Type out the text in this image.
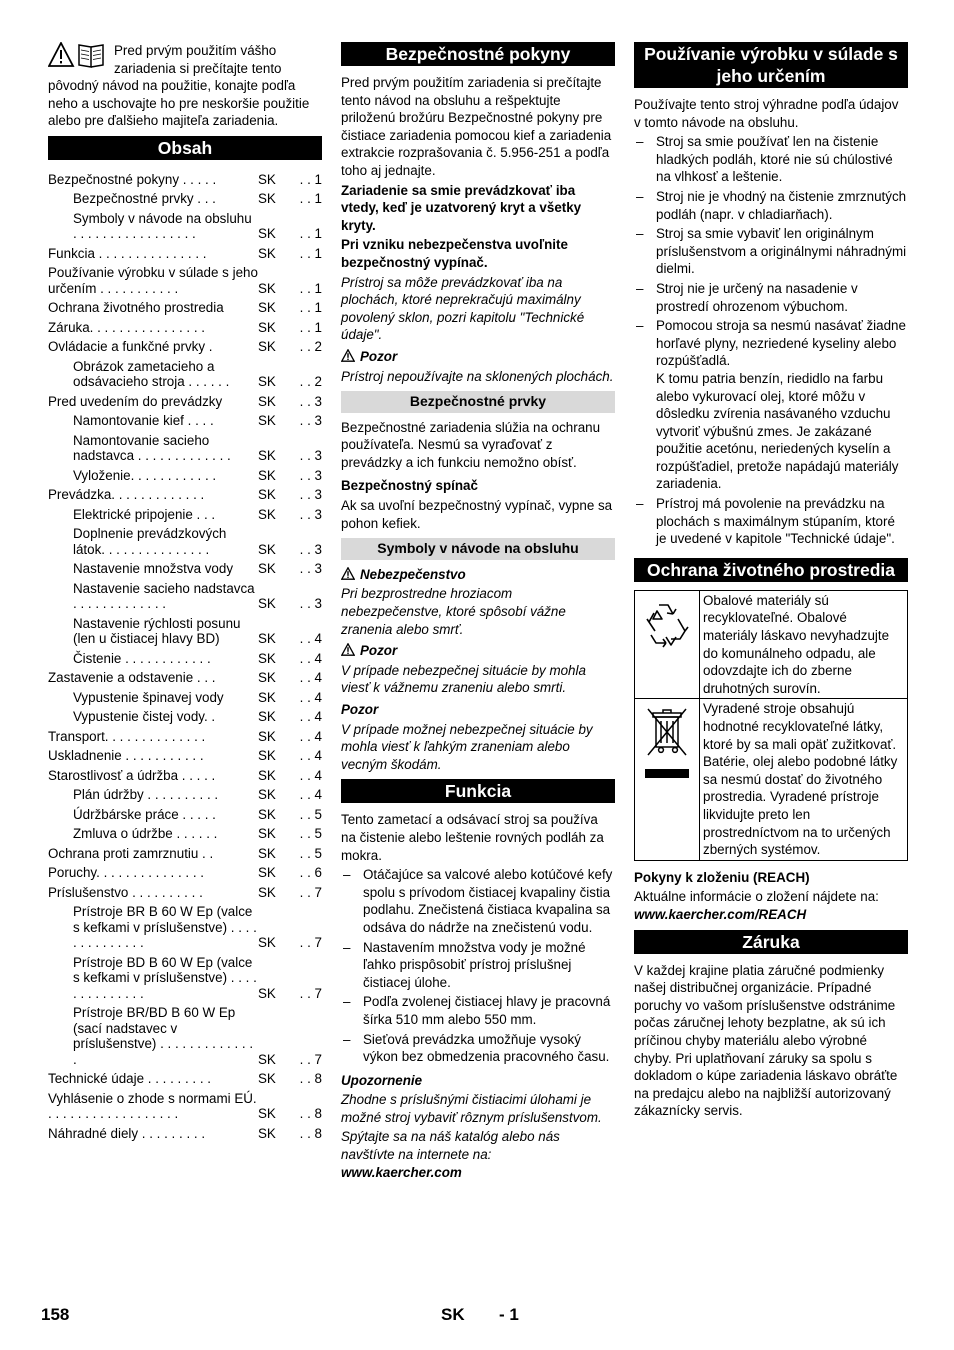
Pred prvým použitím vášho zariadenia si prečítajte tento pôvodný návod na použitie, konajte podľa neho a uschovajte ho pre neskoršie použitie alebo pre ďalšieho majiteľa zariadenia.
Obsah
Bezpečnostné pokyny . . . . .	SK	. . 1
Bezpečnostné prvky . . .	SK	. . 1
Symboly v návode na obsluhu . . . . . . . . . . . . . . . . .	SK	. . 1
Funkcia . . . . . . . . . . . . . . .	SK	. . 1
Používanie výrobku v súlade s jeho určením . . . . . . . . . . .	SK	. . 1
Ochrana životného prostredia	SK	. . 1
Záruka. . . . . . . . . . . . . . . .	SK	. . 1
Ovládacie a funkčné prvky .	SK	. . 2
Obrázok zametacieho a odsávacieho stroja . . . . . .	SK	. . 2
Pred uvedením do prevádzky	SK	. . 3
Namontovanie kief . . . .	SK	. . 3
Namontovanie sacieho nadstavca . . . . . . . . . . . . .	SK	. . 3
Vyloženie. . . . . . . . . . . .	SK	. . 3
Prevádzka. . . . . . . . . . . . .	SK	. . 3
Elektrické pripojenie . . .	SK	. . 3
Doplnenie prevádzkových látok. . . . . . . . . . . . . . .	SK	. . 3
Nastavenie množstva vody	SK	. . 3
Nastavenie sacieho nadstavca . . . . . . . . . . . . .	SK	. . 3
Nastavenie rýchlosti posunu (len u čistiacej hlavy BD)	SK	. . 4
Čistenie . . . . . . . . . . . .	SK	. . 4
Zastavenie a odstavenie . . .	SK	. . 4
Vypustenie špinavej vody	SK	. . 4
Vypustenie čistej vody. .	SK	. . 4
Transport. . . . . . . . . . . . . .	SK	. . 4
Uskladnenie . . . . . . . . . . .	SK	. . 4
Starostlivosť a údržba . . . . .	SK	. . 4
Plán údržby . . . . . . . . . .	SK	. . 4
Údržbárske práce . . . . .	SK	. . 5
Zmluva o údržbe . . . . . .	SK	. . 5
Ochrana proti zamrznutiu . .	SK	. . 5
Poruchy. . . . . . . . . . . . . . .	SK	. . 6
Príslušenstvo . . . . . . . . . .	SK	. . 7
Prístroje BR B 60 W Ep (valce s kefkami v príslušenstve) . . . . . . . . . . . . . .	SK	. . 7
Prístroje BD B 60 W Ep (valce s kefkami v príslušenstve) . . . . . . . . . . . . . .	SK	. . 7
Prístroje BR/BD B 60 W Ep (sací nadstavec v príslušenstve) . . . . . . . . . . . . . .	SK	. . 7
Technické údaje . . . . . . . . .	SK	. . 8
Vyhlásenie o zhode s normami EÚ. . . . . . . . . . . . . . . . . . .	SK	. . 8
Náhradné diely . . . . . . . . .	SK	. . 8
Bezpečnostné pokyny

Pred prvým použitím zariadenia si prečítajte tento návod na obsluhu a rešpektujte priloženú brožúru Bezpečnostné pokyny pre čistiace zariadenia pomocou kief a zariadenia extrakcie rozprašovania č. 5.956-251 a podľa toho aj jednajte.

Zariadenie sa smie prevádzkovať iba vtedy, keď je uzatvorený kryt a všetky kryty.

Pri vzniku nebezpečenstva uvoľnite bezpečnostný vypínač.

Prístroj sa môže prevádzkovať iba na plochách, ktoré neprekračujú maximálny povolený sklon, pozri kapitolu "Technické údaje".

Pozor

Prístroj nepoužívajte na sklonených plochách.

Bezpečnostné prvky

Bezpečnostné zariadenia slúžia na ochranu používateľa. Nesmú sa vyraďovať z prevádzky a ich funkciu nemožno obísť.

Bezpečnostný spínač

Ak sa uvoľní bezpečnostný vypínač, vypne sa pohon kefiek.

Symboly v návode na obsluhu

Nebezpečenstvo

Pri bezprostredne hroziacom nebezpečenstve, ktoré spôsobí vážne zranenia alebo smrť.

Pozor

V prípade nebezpečnej situácie by mohla viesť k vážnemu zraneniu alebo smrti.

Pozor

V prípade možnej nebezpečnej situácie by mohla viesť k ľahkým zraneniam alebo vecným škodám.

Funkcia

Tento zametací a odsávací stroj sa používa na čistenie alebo leštenie rovných podláh za mokra.

– Otáčajúce sa valcové alebo kotúčové kefy spolu s prívodom čistiacej kvapaliny čistia podlahu. Znečistená čistiaca kvapalina sa odsáva do nádrže na znečistenú vodu.
– Nastavením množstva vody je možné ľahko prispôsobiť prístroj príslušnej čistiacej úlohe.
– Podľa zvolenej čistiacej hlavy je pracovná šírka 510 mm alebo 550 mm.
– Sieťová prevádzka umožňuje vysoký výkon bez obmedzenia pracovného času.

Upozornenie

Zhodne s príslušnými čistiacimi úlohami je možné stroj vybaviť rôznym príslušenstvom.

Spýtajte sa na náš katalóg alebo nás navštívte na internete na:

www.kaercher.com

Používanie výrobku v súlade s jeho určením

Používajte tento stroj výhradne podľa údajov v tomto návode na obsluhu.

– Stroj sa smie používať len na čistenie hladkých podláh, ktoré nie sú chúlostivé na vlhkosť a leštenie.
– Stroj nie je vhodný na čistenie zmrznutých podláh (napr. v chladiarňach).
– Stroj sa smie vybaviť len originálnym príslušenstvom a originálnymi náhradnými dielmi.
– Stroj nie je určený na nasadenie v prostredí ohrozenom výbuchom.
– Pomocou stroja sa nesmú nasávať žiadne horľavé plyny, nezriedené kyseliny alebo rozpúšťadlá.
K tomu patria benzín, riedidlo na farbu alebo vykurovací olej, ktoré môžu v dôsledku zvírenia nasávaného vzduchu vytvoriť výbušnú zmes. Je zakázané použitie acetónu, neriedených kyselín a rozpúšťadiel, pretože napádajú materiály zariadenia.
– Prístroj má povolenie na prevádzku na plochách s maximálnym stúpaním, ktoré je uvedené v kapitole "Technické údaje".
Ochrana životného prostredia
	Obalové materiály sú recyklovateľné. Obalové materiály láskavo nevyhadzujte do komunálneho odpadu, ale odovzdajte ich do zberne druhotných surovín.
	Vyradené stroje obsahujú hodnotné recyklovateľné látky, ktoré by sa mali opäť zužitkovať. Batérie, olej alebo podobné látky sa nesmú dostať do životného prostredia. Vyradené prístroje likvidujte preto len prostredníctvom na to určených zberných systémov.

Pokyny k zloženiu (REACH)

Aktuálne informácie o zložení nájdete na:

www.kaercher.com/REACH

Záruka

V každej krajine platia záručné podmienky našej distribučnej organizácie. Prípadné poruchy vo vašom príslušenstve odstránime počas záručnej lehoty bezplatne, ak sú ich príčinou chyby materiálu alebo výrobné chyby. Pri uplatňovaní záruky sa spolu s dokladom o kúpe zariadenia láskavo obráťte na predajcu alebo na najbližší autorizovaný zákaznícky servis.

158	SK - 1
